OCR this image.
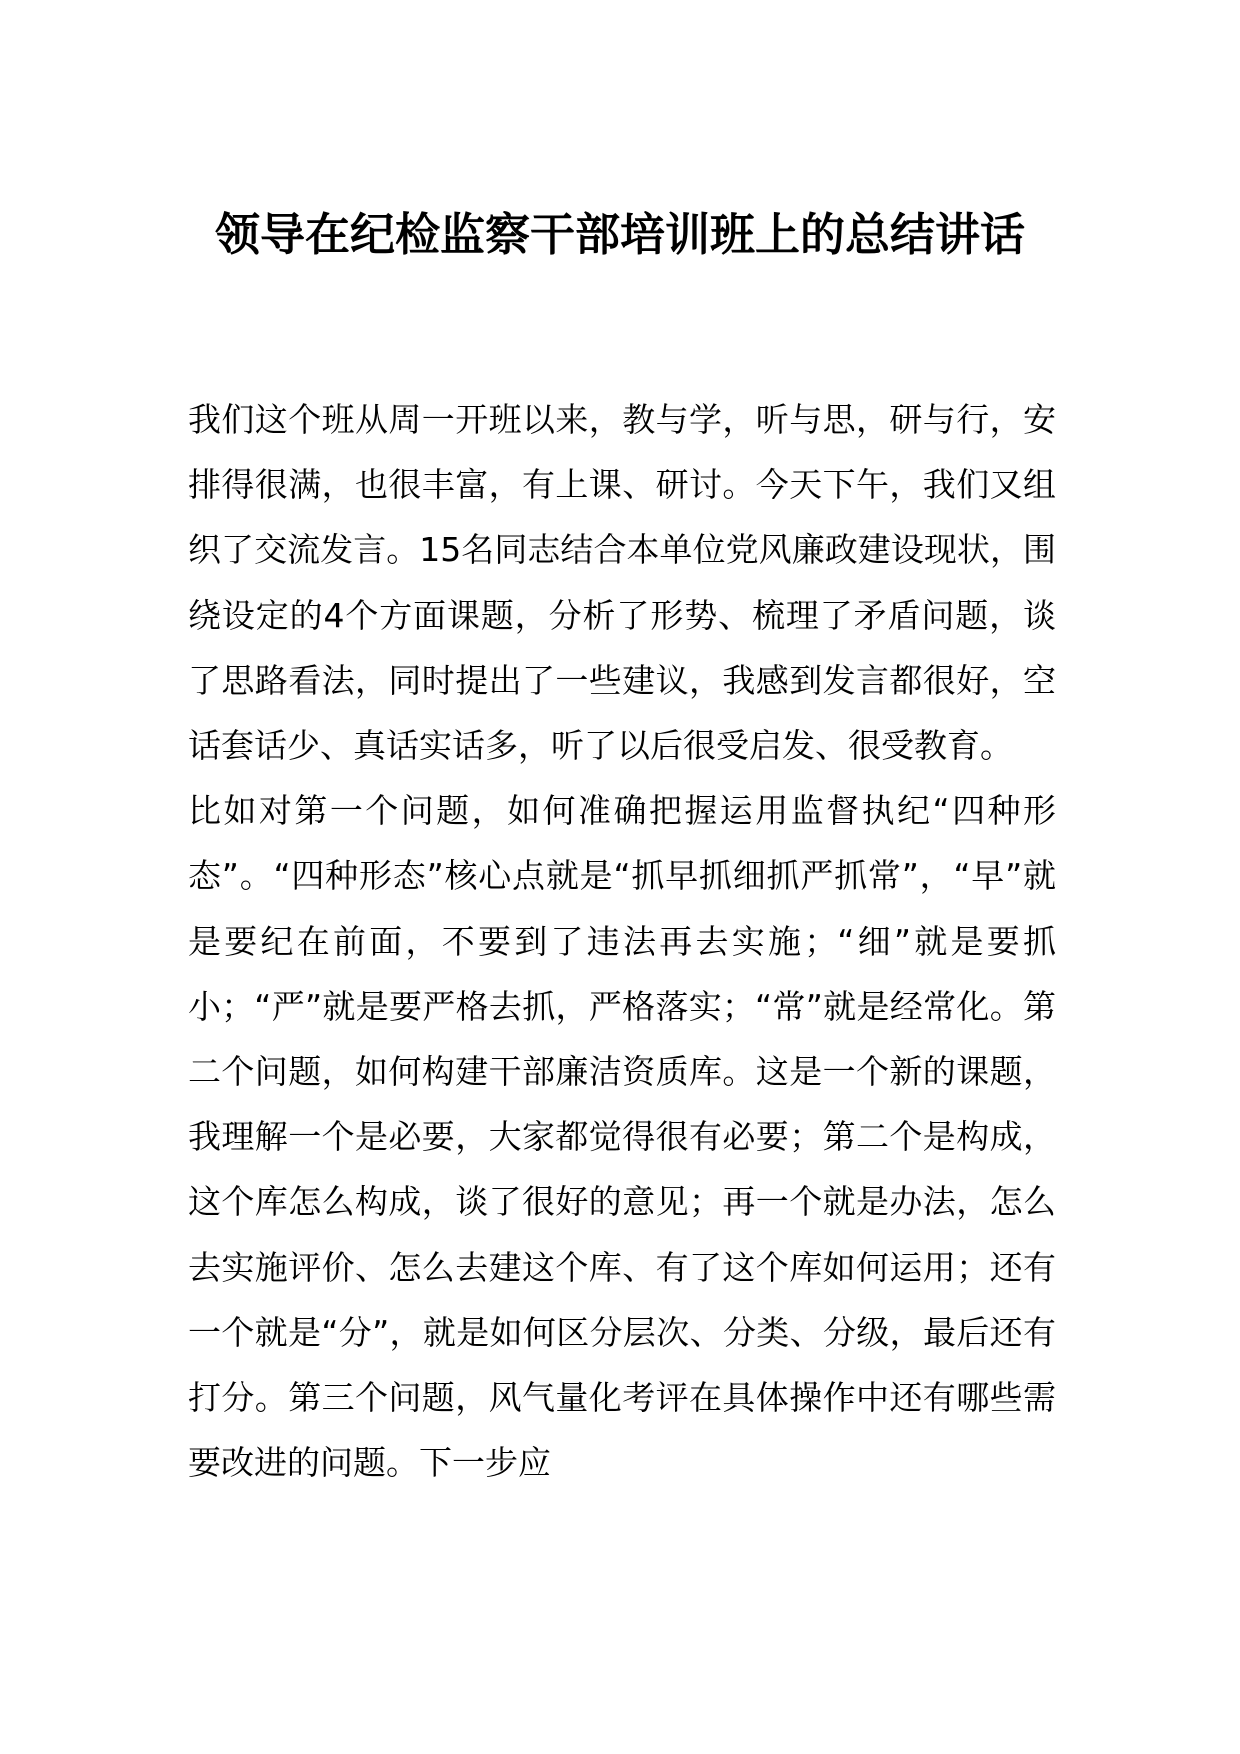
领导在纪检监察干部培训班上的总结讲话

我们这个班从周一开班以来，教与学，听与思，研与行，安排得很满，也很丰富，有上课、研讨。今天下午，我们又组织了交流发言。15名同志结合本单位党风廉政建设现状，围绕设定的4个方面课题，分析了形势、梳理了矛盾问题，谈了思路看法，同时提出了一些建议，我感到发言都很好，空话套话少、真话实话多，听了以后很受启发、很受教育。

比如对第一个问题，如何准确把握运用监督执纪“四种形态”。“四种形态”核心点就是“抓早抓细抓严抓常”，“早”就是要纪在前面，不要到了违法再去实施；“细”就是要抓小；“严”就是要严格去抓，严格落实；“常”就是经常化。第二个问题，如何构建干部廉洁资质库。这是一个新的课题，我理解一个是必要，大家都觉得很有必要；第二个是构成，这个库怎么构成，谈了很好的意见；再一个就是办法，怎么去实施评价、怎么去建这个库、有了这个库如何运用；还有一个就是“分”，就是如何区分层次、分类、分级，最后还有打分。第三个问题，风气量化考评在具体操作中还有哪些需要改进的问题。下一步应
